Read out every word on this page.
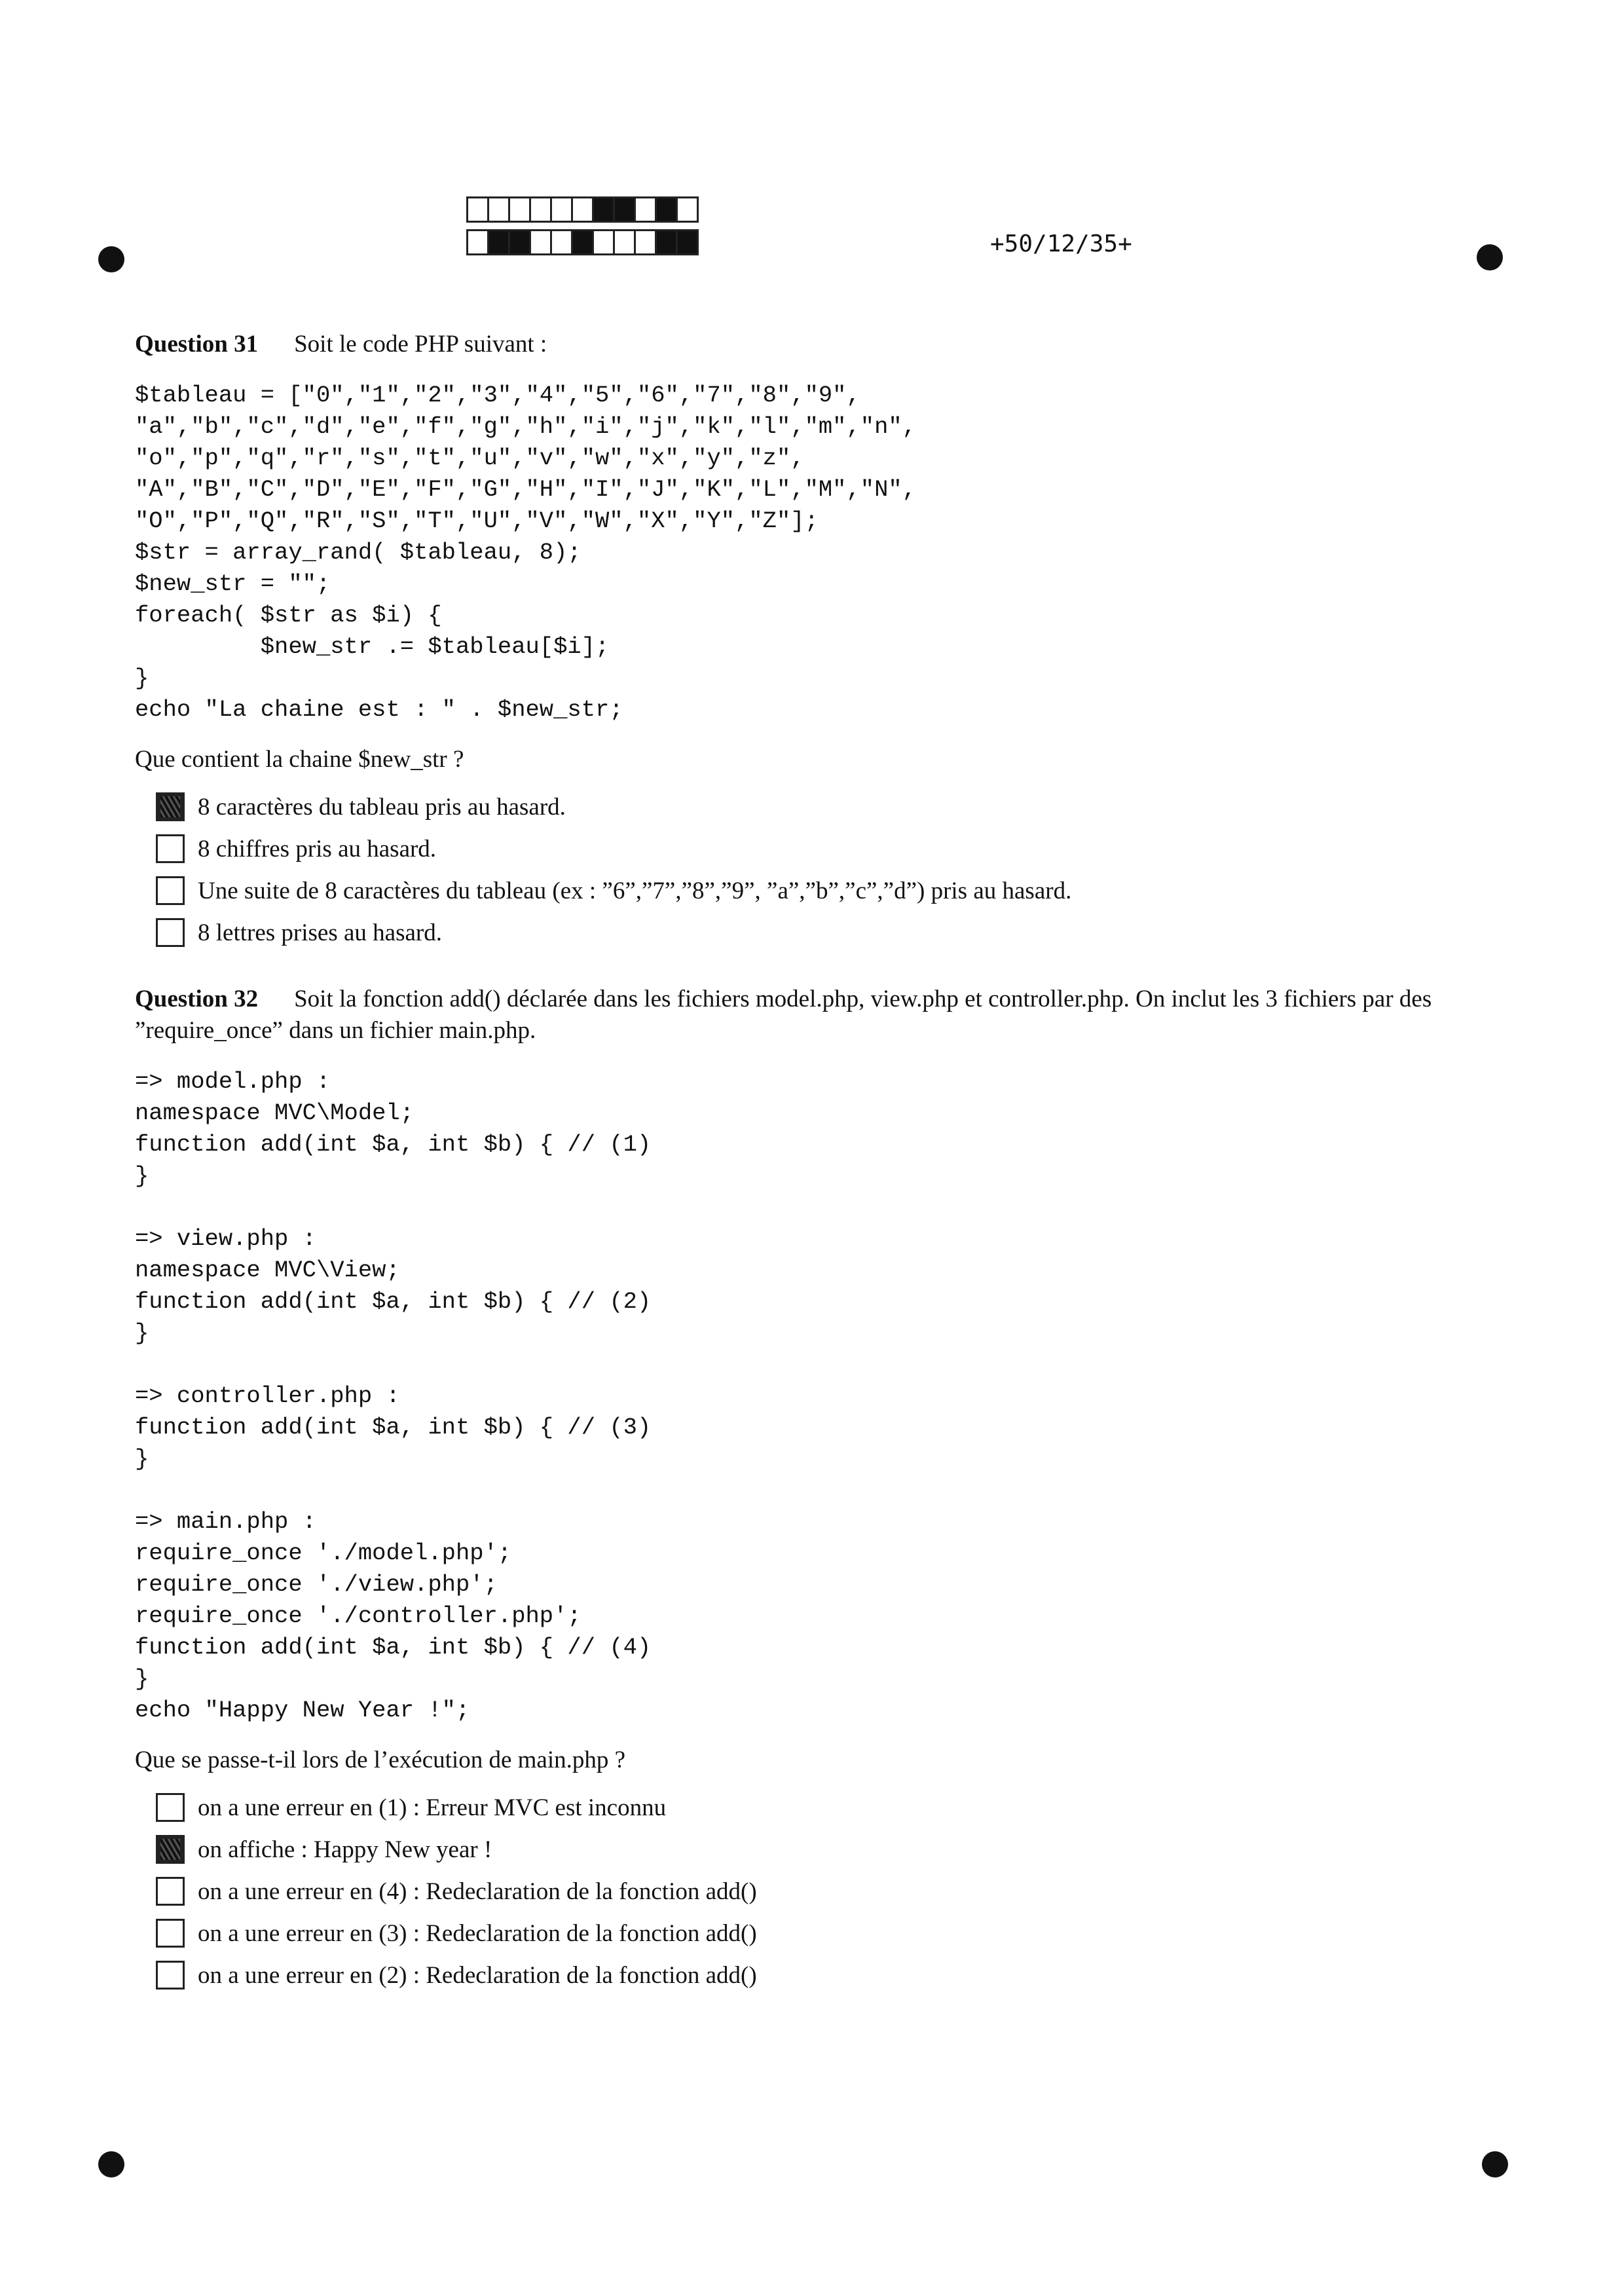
+50/12/35+
Question 31 Soit le code PHP suivant :
$tableau = ["0","1","2","3","4","5","6","7","8","9",
"a","b","c","d","e","f","g","h","i","j","k","l","m","n",
"o","p","q","r","s","t","u","v","w","x","y","z",
"A","B","C","D","E","F","G","H","I","J","K","L","M","N",
"O","P","Q","R","S","T","U","V","W","X","Y","Z"];
$str = array_rand( $tableau, 8);
$new_str = "";
foreach( $str as $i) {
$new_str .= $tableau[$i];
}
echo "La chaine est : " . $new_str;
Que contient la chaine $new_str ?
8 caractères du tableau pris au hasard.
8 chiffres pris au hasard.
Une suite de 8 caractères du tableau (ex : ”6”,”7”,”8”,”9”, ”a”,”b”,”c”,”d”) pris au hasard.
8 lettres prises au hasard.
Question 32 Soit la fonction add() déclarée dans les fichiers model.php, view.php et controller.php. On inclut les 3 fichiers par des ”require_once” dans un fichier main.php.
=> model.php :
namespace MVC\Model;
function add(int $a, int $b) { // (1)
}

=> view.php :
namespace MVC\View;
function add(int $a, int $b) { // (2)
}

=> controller.php :
function add(int $a, int $b) { // (3)
}

=> main.php :
require_once './model.php';
require_once './view.php';
require_once './controller.php';
function add(int $a, int $b) { // (4)
}
echo "Happy New Year !";
Que se passe-t-il lors de l’exécution de main.php ?
on a une erreur en (1) : Erreur MVC est inconnu
on affiche : Happy New year !
on a une erreur en (4) : Redeclaration de la fonction add()
on a une erreur en (3) : Redeclaration de la fonction add()
on a une erreur en (2) : Redeclaration de la fonction add()
